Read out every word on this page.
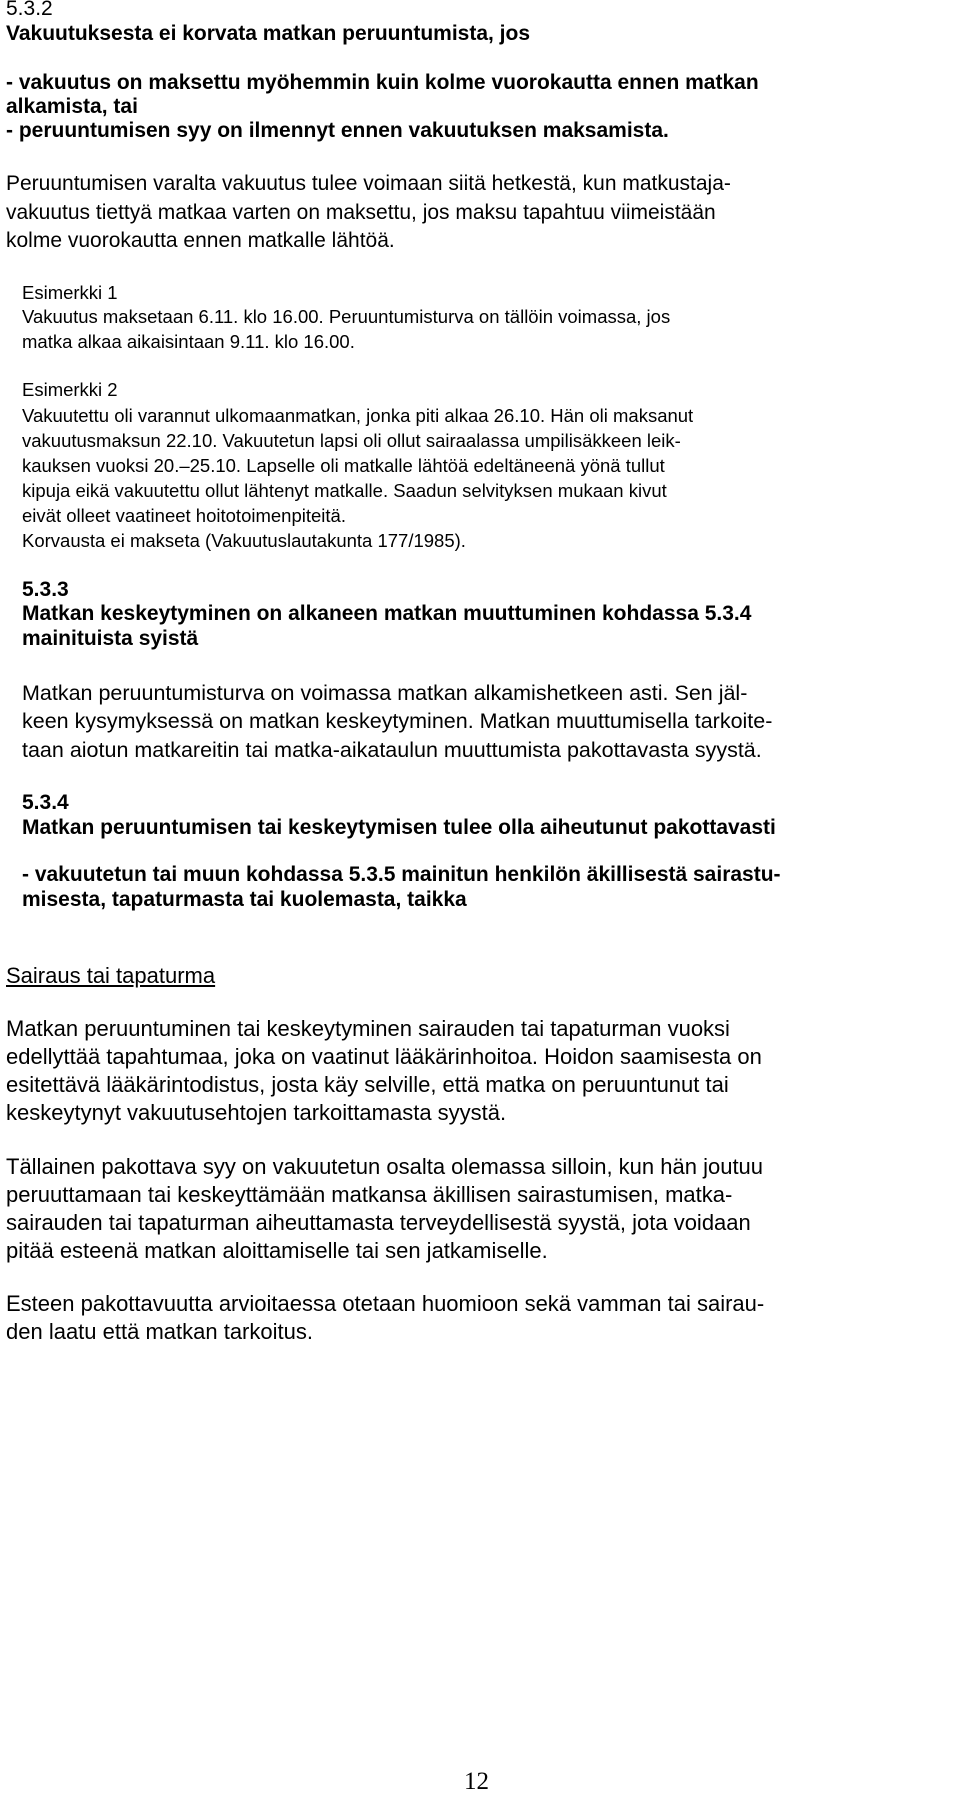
5.3.2
Vakuutuksesta ei korvata matkan peruuntumista, jos
- vakuutus on maksettu myöhemmin kuin kolme vuorokautta ennen matkan
alkamista, tai
- peruuntumisen syy on ilmennyt ennen vakuutuksen maksamista.
Peruuntumisen varalta vakuutus tulee voimaan siitä hetkestä, kun matkustaja-
vakuutus tiettyä matkaa varten on maksettu, jos maksu tapahtuu viimeistään
kolme vuorokautta ennen matkalle lähtöä.
Esimerkki 1
Vakuutus maksetaan 6.11. klo 16.00. Peruuntumisturva on tällöin voimassa, jos
matka alkaa aikaisintaan 9.11. klo 16.00.
Esimerkki 2
Vakuutettu oli varannut ulkomaanmatkan, jonka piti alkaa 26.10. Hän oli maksanut
vakuutusmaksun 22.10. Vakuutetun lapsi oli ollut sairaalassa umpilisäkkeen leik-
kauksen vuoksi 20.–25.10. Lapselle oli matkalle lähtöä edeltäneenä yönä tullut
kipuja eikä vakuutettu ollut lähtenyt matkalle. Saadun selvityksen mukaan kivut
eivät olleet vaatineet hoitotoimenpiteitä.
Korvausta ei makseta (Vakuutuslautakunta 177/1985).
5.3.3
Matkan keskeytyminen on alkaneen matkan muuttuminen kohdassa 5.3.4
mainituista syistä
Matkan peruuntumisturva on voimassa matkan alkamishetkeen asti. Sen jäl-
keen kysymyksessä on matkan keskeytyminen. Matkan muuttumisella tarkoite-
taan aiotun matkareitin tai matka-aikataulun muuttumista pakottavasta syystä.
5.3.4
Matkan peruuntumisen tai keskeytymisen tulee olla aiheutunut pakottavasti
- vakuutetun tai muun kohdassa 5.3.5 mainitun henkilön äkillisestä sairastu-
misesta, tapaturmasta tai kuolemasta, taikka
Sairaus tai tapaturma
Matkan peruuntuminen tai keskeytyminen sairauden tai tapaturman vuoksi
edellyttää tapahtumaa, joka on vaatinut lääkärinhoitoa. Hoidon saamisesta on
esitettävä lääkärintodistus, josta käy selville, että matka on peruuntunut tai
keskeytynyt vakuutusehtojen tarkoittamasta syystä.
Tällainen pakottava syy on vakuutetun osalta olemassa silloin, kun hän joutuu
peruuttamaan tai keskeyttämään matkansa äkillisen sairastumisen, matka-
sairauden tai tapaturman aiheuttamasta terveydellisestä syystä, jota voidaan
pitää esteenä matkan aloittamiselle tai sen jatkamiselle.
Esteen pakottavuutta arvioitaessa otetaan huomioon sekä vamman tai sairau-
den laatu että matkan tarkoitus.
12
